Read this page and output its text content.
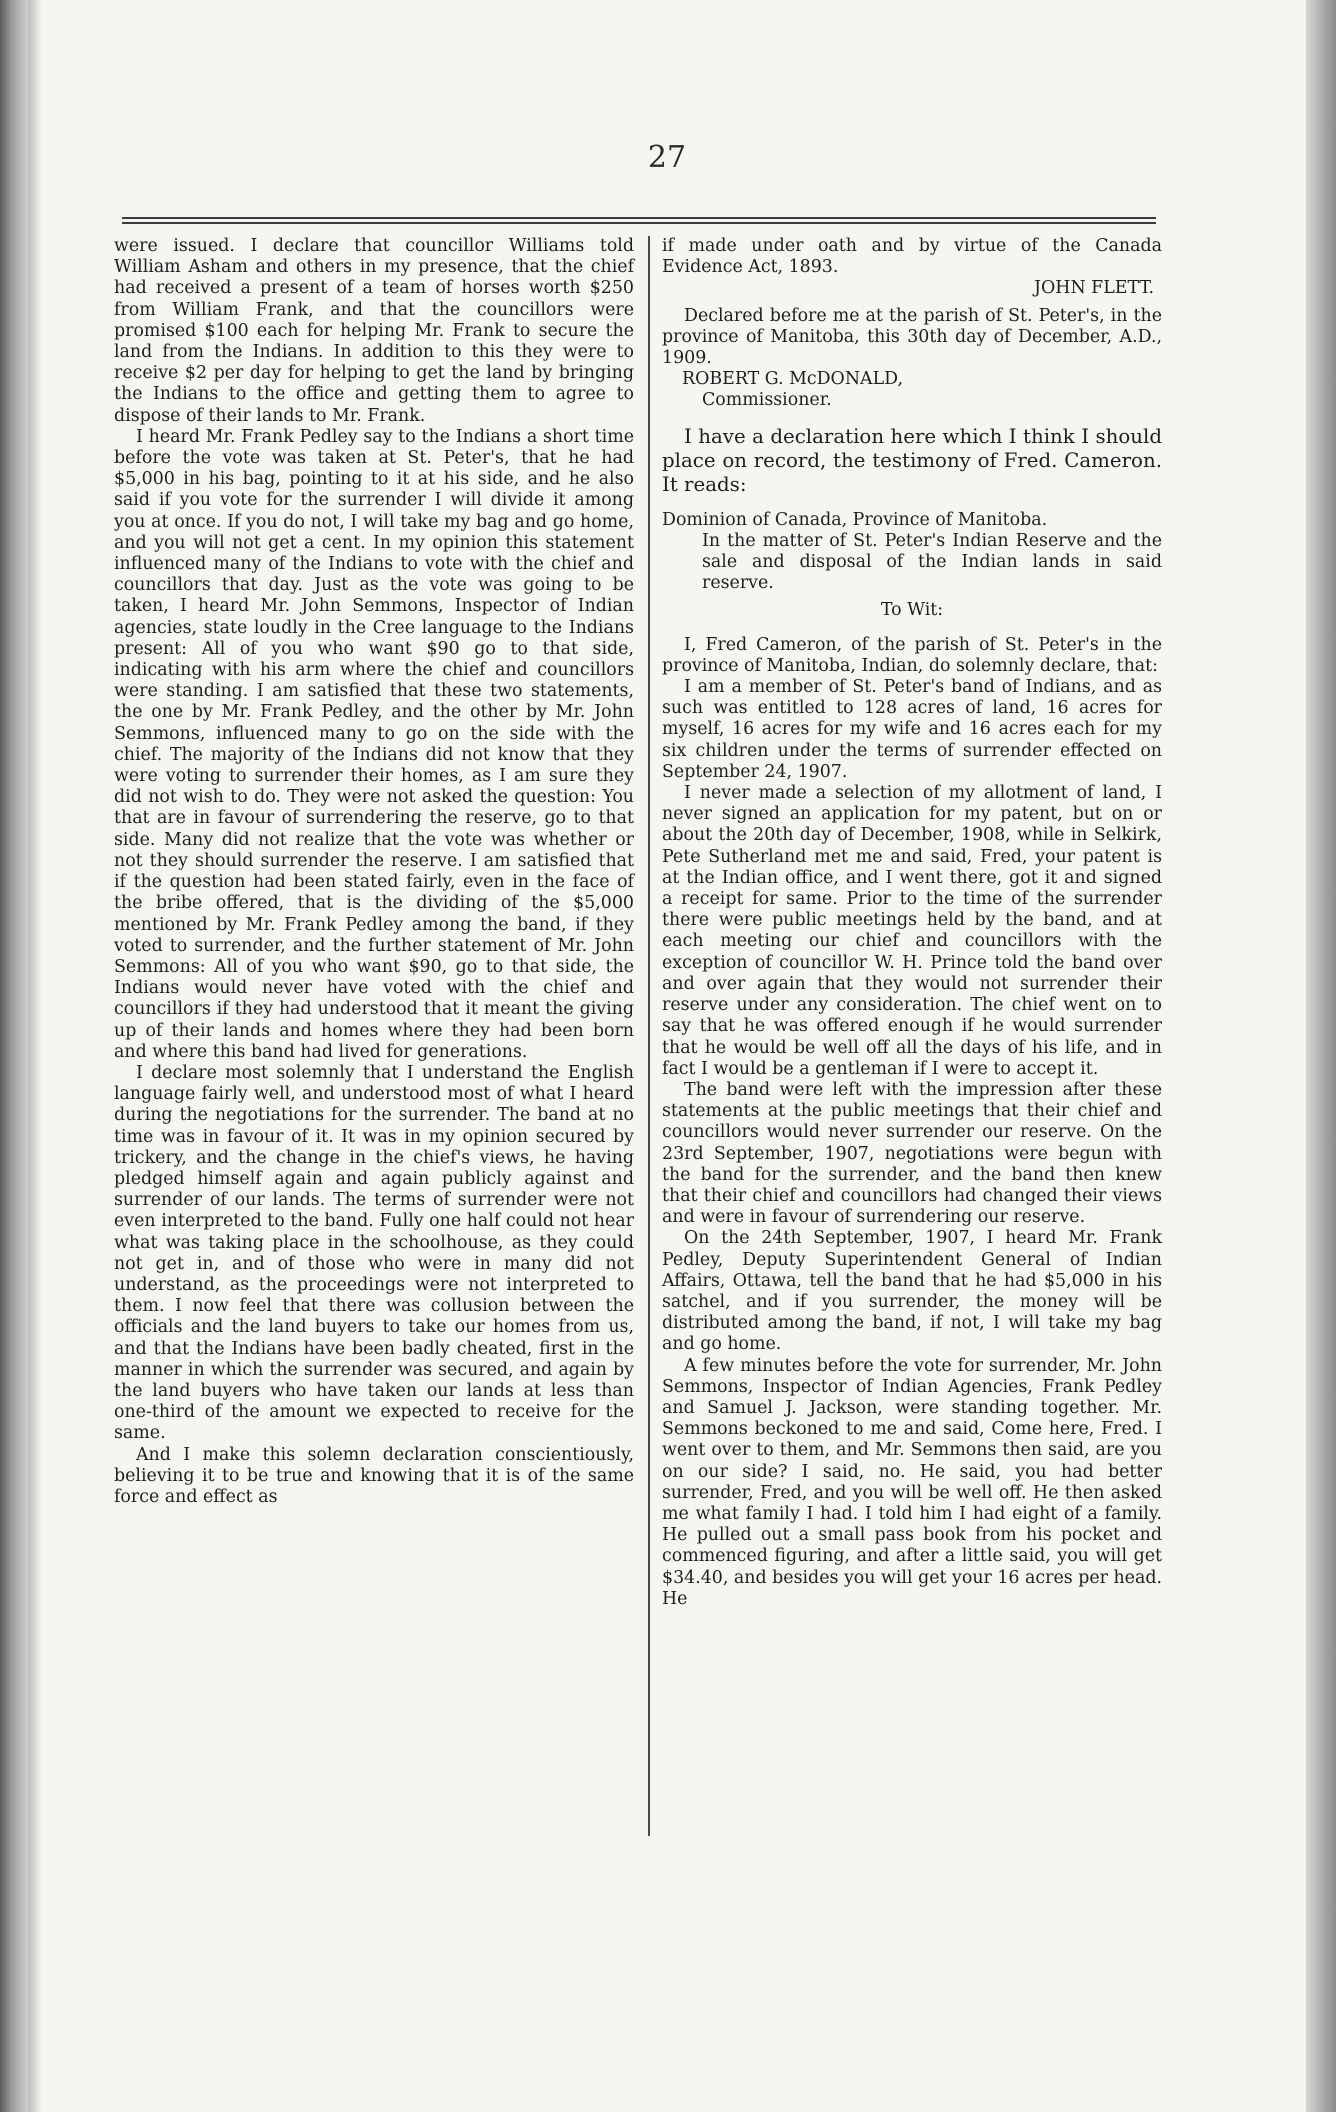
27

were issued. I declare that councillor Williams told William Asham and others in my presence, that the chief had received a present of a team of horses worth $250 from William Frank, and that the councillors were promised $100 each for helping Mr. Frank to secure the land from the Indians. In addition to this they were to receive $2 per day for helping to get the land by bringing the Indians to the office and getting them to agree to dispose of their lands to Mr. Frank.

I heard Mr. Frank Pedley say to the Indians a short time before the vote was taken at St. Peter's, that he had $5,000 in his bag, pointing to it at his side, and he also said if you vote for the surrender I will divide it among you at once. If you do not, I will take my bag and go home, and you will not get a cent. In my opinion this statement influenced many of the Indians to vote with the chief and councillors that day. Just as the vote was going to be taken, I heard Mr. John Semmons, Inspector of Indian agencies, state loudly in the Cree language to the Indians present: All of you who want $90 go to that side, indicating with his arm where the chief and councillors were standing. I am satisfied that these two statements, the one by Mr. Frank Pedley, and the other by Mr. John Semmons, influenced many to go on the side with the chief. The majority of the Indians did not know that they were voting to surrender their homes, as I am sure they did not wish to do. They were not asked the question: You that are in favour of surrendering the reserve, go to that side. Many did not realize that the vote was whether or not they should surrender the reserve. I am satisfied that if the question had been stated fairly, even in the face of the bribe offered, that is the dividing of the $5,000 mentioned by Mr. Frank Pedley among the band, if they voted to surrender, and the further statement of Mr. John Semmons: All of you who want $90, go to that side, the Indians would never have voted with the chief and councillors if they had understood that it meant the giving up of their lands and homes where they had been born and where this band had lived for generations.

I declare most solemnly that I understand the English language fairly well, and understood most of what I heard during the negotiations for the surrender. The band at no time was in favour of it. It was in my opinion secured by trickery, and the change in the chief's views, he having pledged himself again and again publicly against and surrender of our lands. The terms of surrender were not even interpreted to the band. Fully one half could not hear what was taking place in the schoolhouse, as they could not get in, and of those who were in many did not understand, as the proceedings were not interpreted to them. I now feel that there was collusion between the officials and the land buyers to take our homes from us, and that the Indians have been badly cheated, first in the manner in which the surrender was secured, and again by the land buyers who have taken our lands at less than one-third of the amount we expected to receive for the same.

And I make this solemn declaration conscientiously, believing it to be true and knowing that it is of the same force and effect as

if made under oath and by virtue of the Canada Evidence Act, 1893.

JOHN FLETT.

Declared before me at the parish of St. Peter's, in the province of Manitoba, this 30th day of December, A.D., 1909.

ROBERT G. McDONALD,

Commissioner.

I have a declaration here which I think I should place on record, the testimony of Fred. Cameron. It reads:

Dominion of Canada, Province of Manitoba.

In the matter of St. Peter's Indian Reserve and the sale and disposal of the Indian lands in said reserve.

To Wit:

I, Fred Cameron, of the parish of St. Peter's in the province of Manitoba, Indian, do solemnly declare, that:

I am a member of St. Peter's band of Indians, and as such was entitled to 128 acres of land, 16 acres for myself, 16 acres for my wife and 16 acres each for my six children under the terms of surrender effected on September 24, 1907.

I never made a selection of my allotment of land, I never signed an application for my patent, but on or about the 20th day of December, 1908, while in Selkirk, Pete Sutherland met me and said, Fred, your patent is at the Indian office, and I went there, got it and signed a receipt for same. Prior to the time of the surrender there were public meetings held by the band, and at each meeting our chief and councillors with the exception of councillor W. H. Prince told the band over and over again that they would not surrender their reserve under any consideration. The chief went on to say that he was offered enough if he would surrender that he would be well off all the days of his life, and in fact I would be a gentleman if I were to accept it.

The band were left with the impression after these statements at the public meetings that their chief and councillors would never surrender our reserve. On the 23rd September, 1907, negotiations were begun with the band for the surrender, and the band then knew that their chief and councillors had changed their views and were in favour of surrendering our reserve.

On the 24th September, 1907, I heard Mr. Frank Pedley, Deputy Superintendent General of Indian Affairs, Ottawa, tell the band that he had $5,000 in his satchel, and if you surrender, the money will be distributed among the band, if not, I will take my bag and go home.

A few minutes before the vote for surrender, Mr. John Semmons, Inspector of Indian Agencies, Frank Pedley and Samuel J. Jackson, were standing together. Mr. Semmons beckoned to me and said, Come here, Fred. I went over to them, and Mr. Semmons then said, are you on our side? I said, no. He said, you had better surrender, Fred, and you will be well off. He then asked me what family I had. I told him I had eight of a family. He pulled out a small pass book from his pocket and commenced figuring, and after a little said, you will get $34.40, and besides you will get your 16 acres per head. He
